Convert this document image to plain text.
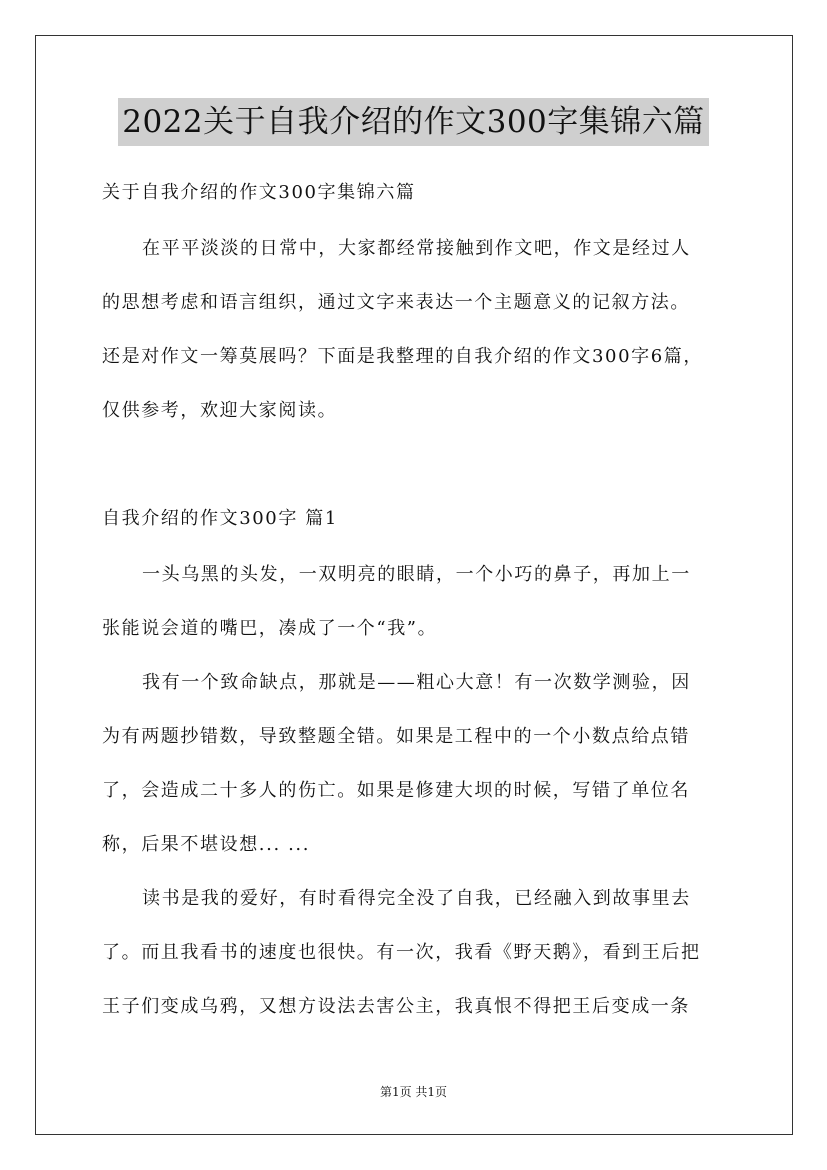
2022关于自我介绍的作文300字集锦六篇
关于自我介绍的作文300字集锦六篇
在平平淡淡的日常中，大家都经常接触到作文吧，作文是经过人
的思想考虑和语言组织，通过文字来表达一个主题意义的记叙方法。
还是对作文一筹莫展吗？下面是我整理的自我介绍的作文300字6篇，
仅供参考，欢迎大家阅读。
自我介绍的作文300字 篇1
一头乌黑的头发，一双明亮的眼睛，一个小巧的鼻子，再加上一
张能说会道的嘴巴，凑成了一个“我”。
我有一个致命缺点，那就是——粗心大意！有一次数学测验，因
为有两题抄错数，导致整题全错。如果是工程中的一个小数点给点错
了，会造成二十多人的伤亡。如果是修建大坝的时候，写错了单位名
称，后果不堪设想... ...
读书是我的爱好，有时看得完全没了自我，已经融入到故事里去
了。而且我看书的速度也很快。有一次，我看《野天鹅》，看到王后把
王子们变成乌鸦，又想方设法去害公主，我真恨不得把王后变成一条
第1页 共1页
